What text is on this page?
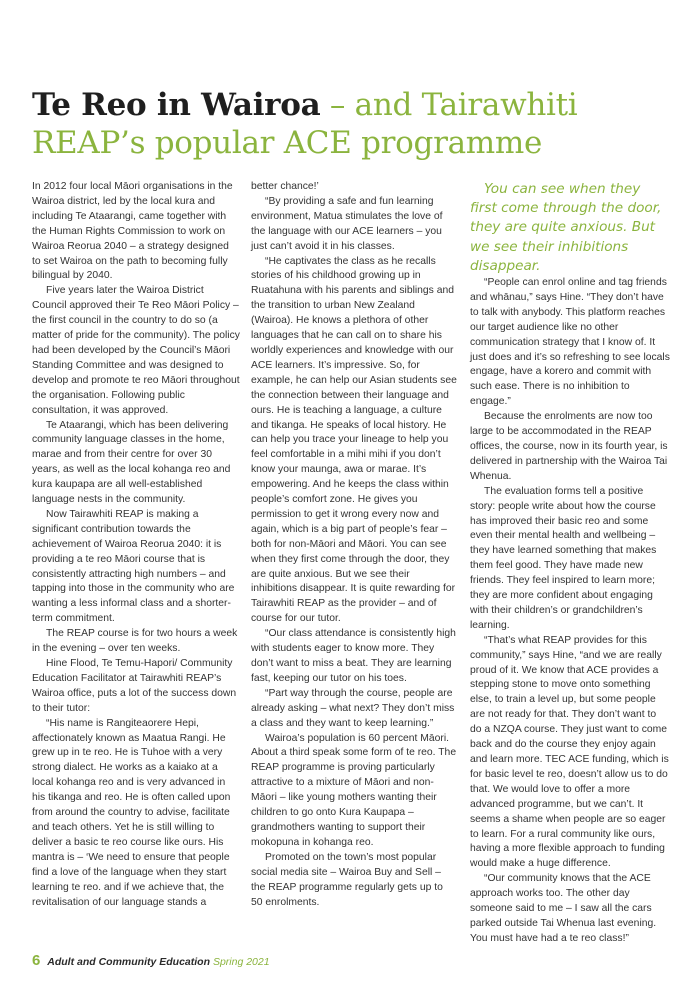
Te Reo in Wairoa – and Tairawhiti REAP’s popular ACE programme

In 2012 four local Māori organisations in the Wairoa district, led by the local kura and including Te Ataarangi, came together with the Human Rights Commission to work on Wairoa Reorua 2040 – a strategy designed to set Wairoa on the path to becoming fully bilingual by 2040.

Five years later the Wairoa District Council approved their Te Reo Māori Policy – the first council in the country to do so (a matter of pride for the community). The policy had been developed by the Council’s Māori Standing Committee and was designed to develop and promote te reo Māori throughout the organisation. Following public consultation, it was approved.

Te Ataarangi, which has been delivering community language classes in the home, marae and from their centre for over 30 years, as well as the local kohanga reo and kura kaupapa are all well-established language nests in the community.

Now Tairawhiti REAP is making a significant contribution towards the achievement of Wairoa Reorua 2040: it is providing a te reo Māori course that is consistently attracting high numbers – and tapping into those in the community who are wanting a less informal class and a shorter-term commitment.

The REAP course is for two hours a week in the evening – over ten weeks.

Hine Flood, Te Temu-Hapori/ Community Education Facilitator at Tairawhiti REAP’s Wairoa office, puts a lot of the success down to their tutor:

“His name is Rangiteaorere Hepi, affectionately known as Maatua Rangi. He grew up in te reo. He is Tuhoe with a very strong dialect. He works as a kaiako at a local kohanga reo and is very advanced in his tikanga and reo. He is often called upon from around the country to advise, facilitate and teach others. Yet he is still willing to deliver a basic te reo course like ours. His mantra is – ‘We need to ensure that people find a love of the language when they start learning te reo. and if we achieve that, the revitalisation of our language stands a

better chance!’

“By providing a safe and fun learning environment, Matua stimulates the love of the language with our ACE learners – you just can’t avoid it in his classes.

“He captivates the class as he recalls stories of his childhood growing up in Ruatahuna with his parents and siblings and the transition to urban New Zealand (Wairoa). He knows a plethora of other languages that he can call on to share his worldly experiences and knowledge with our ACE learners. It’s impressive. So, for example, he can help our Asian students see the connection between their language and ours. He is teaching a language, a culture and tikanga. He speaks of local history. He can help you trace your lineage to help you feel comfortable in a mihi mihi if you don’t know your maunga, awa or marae. It’s empowering. And he keeps the class within people’s comfort zone. He gives you permission to get it wrong every now and again, which is a big part of people’s fear – both for non-Māori and Māori. You can see when they first come through the door, they are quite anxious. But we see their inhibitions disappear. It is quite rewarding for Tairawhiti REAP as the provider – and of course for our tutor.

“Our class attendance is consistently high with students eager to know more. They don’t want to miss a beat. They are learning fast, keeping our tutor on his toes.

“Part way through the course, people are already asking – what next? They don’t miss a class and they want to keep learning.”

Wairoa’s population is 60 percent Māori. About a third speak some form of te reo. The REAP programme is proving particularly attractive to a mixture of Māori and non-Māori – like young mothers wanting their children to go onto Kura Kaupapa – grandmothers wanting to support their mokopuna in kohanga reo.

Promoted on the town’s most popular social media site – Wairoa Buy and Sell – the REAP programme regularly gets up to 50 enrolments.

You can see when they first come through the door, they are quite anxious. But we see their inhibitions disappear.

“People can enrol online and tag friends and whānau,” says Hine. “They don’t have to talk with anybody. This platform reaches our target audience like no other communication strategy that I know of. It just does and it’s so refreshing to see locals engage, have a korero and commit with such ease. There is no inhibition to engage.”

Because the enrolments are now too large to be accommodated in the REAP offices, the course, now in its fourth year, is delivered in partnership with the Wairoa Tai Whenua.

The evaluation forms tell a positive story: people write about how the course has improved their basic reo and some even their mental health and wellbeing – they have learned something that makes them feel good. They have made new friends. They feel inspired to learn more; they are more confident about engaging with their children’s or grandchildren’s learning.

“That’s what REAP provides for this community,” says Hine, “and we are really proud of it. We know that ACE provides a stepping stone to move onto something else, to train a level up, but some people are not ready for that. They don’t want to do a NZQA course. They just want to come back and do the course they enjoy again and learn more. TEC ACE funding, which is for basic level te reo, doesn’t allow us to do that. We would love to offer a more advanced programme, but we can’t. It seems a shame when people are so eager to learn. For a rural community like ours, having a more flexible approach to funding would make a huge difference.

“Our community knows that the ACE approach works too. The other day someone said to me – I saw all the cars parked outside Tai Whenua last evening. You must have had a te reo class!”

6 Adult and Community Education Spring 2021
